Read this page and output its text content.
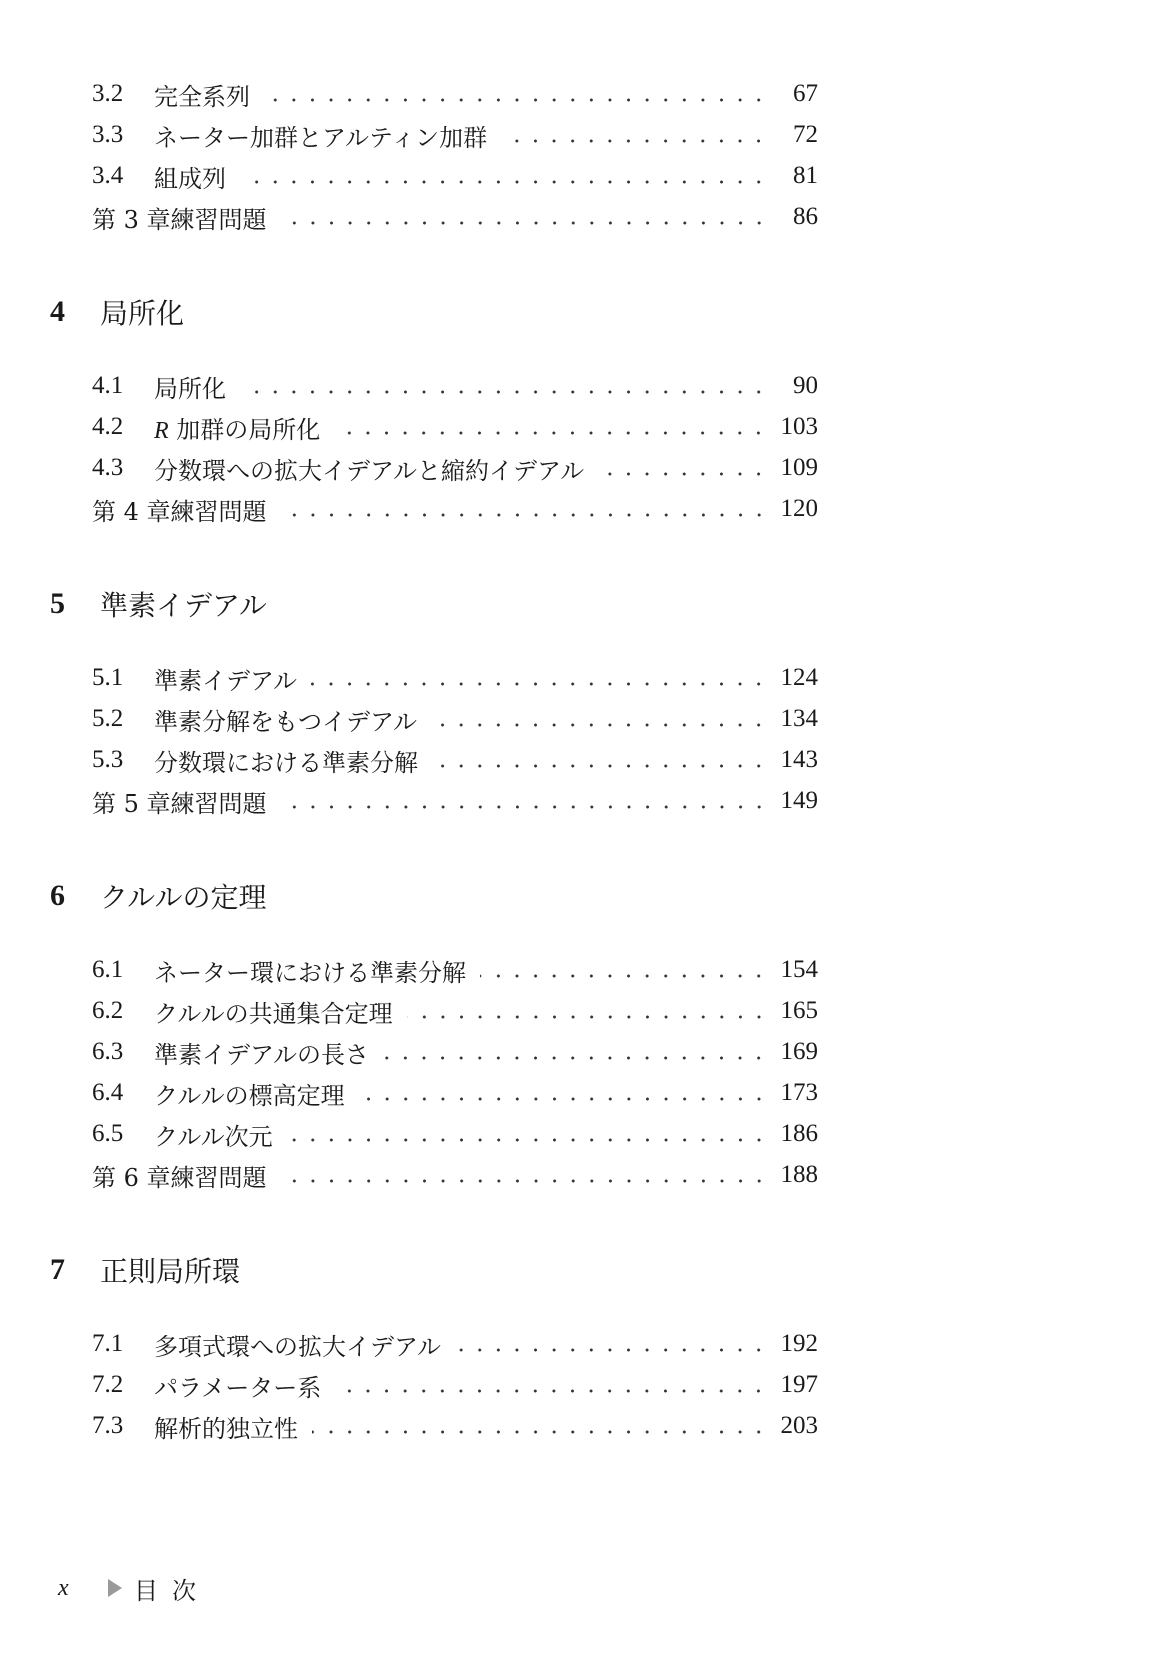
3.2	完全系列	67
3.3	ネーター加群とアルティン加群	72
3.4	組成列	81
第 3 章練習問題	86
4	局所化
4.1	局所化	90
4.2	R 加群の局所化	103
4.3	分数環への拡大イデアルと縮約イデアル	109
第 4 章練習問題	120
5	準素イデアル
5.1	準素イデアル	124
5.2	準素分解をもつイデアル	134
5.3	分数環における準素分解	143
第 5 章練習問題	149
6	クルルの定理
6.1	ネーター環における準素分解	154
6.2	クルルの共通集合定理	165
6.3	準素イデアルの長さ	169
6.4	クルルの標高定理	173
6.5	クルル次元	186
第 6 章練習問題	188
7	正則局所環
7.1	多項式環への拡大イデアル	192
7.2	パラメーター系	197
7.3	解析的独立性	203
x	目次
